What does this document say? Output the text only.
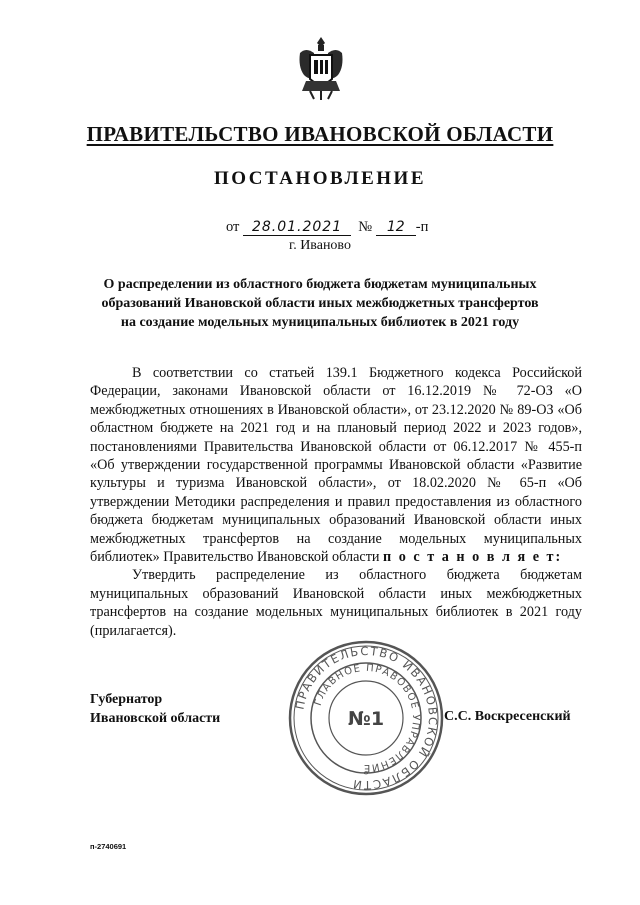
ПРАВИТЕЛЬСТВО ИВАНОВСКОЙ ОБЛАСТИ
ПОСТАНОВЛЕНИЕ
от 28.01.2021 № 12 -п
г. Иваново
О распределении из областного бюджета бюджетам муниципальных
образований Ивановской области иных межбюджетных трансфертов
на создание модельных муниципальных библиотек в 2021 году

В соответствии со статьей 139.1 Бюджетного кодекса Российской Федерации, законами Ивановской области от 16.12.2019 № 72-ОЗ «О межбюджетных отношениях в Ивановской области», от 23.12.2020 № 89-ОЗ «Об областном бюджете на 2021 год и на плановый период 2022 и 2023 годов», постановлениями Правительства Ивановской области от 06.12.2017 № 455-п «Об утверждении государственной программы Ивановской области «Развитие культуры и туризма Ивановской области», от 18.02.2020 № 65-п «Об утверждении Методики распределения и правил предоставления из областного бюджета бюджетам муниципальных образований Ивановской области иных межбюджетных трансфертов на создание модельных муниципальных библиотек» Правительство Ивановской области п о с т а н о в л я е т:

Утвердить распределение из областного бюджета бюджетам муниципальных образований Ивановской области иных межбюджетных трансфертов на создание модельных муниципальных библиотек в 2021 году (прилагается).

Губернатор
Ивановской области
ПРАВИТЕЛЬСТВО ИВАНОВСКОЙ ОБЛАСТИ
ГЛАВНОЕ ПРАВОВОЕ УПРАВЛЕНИЕ
№1
*
С.С. Воскресенский
п-2740691
